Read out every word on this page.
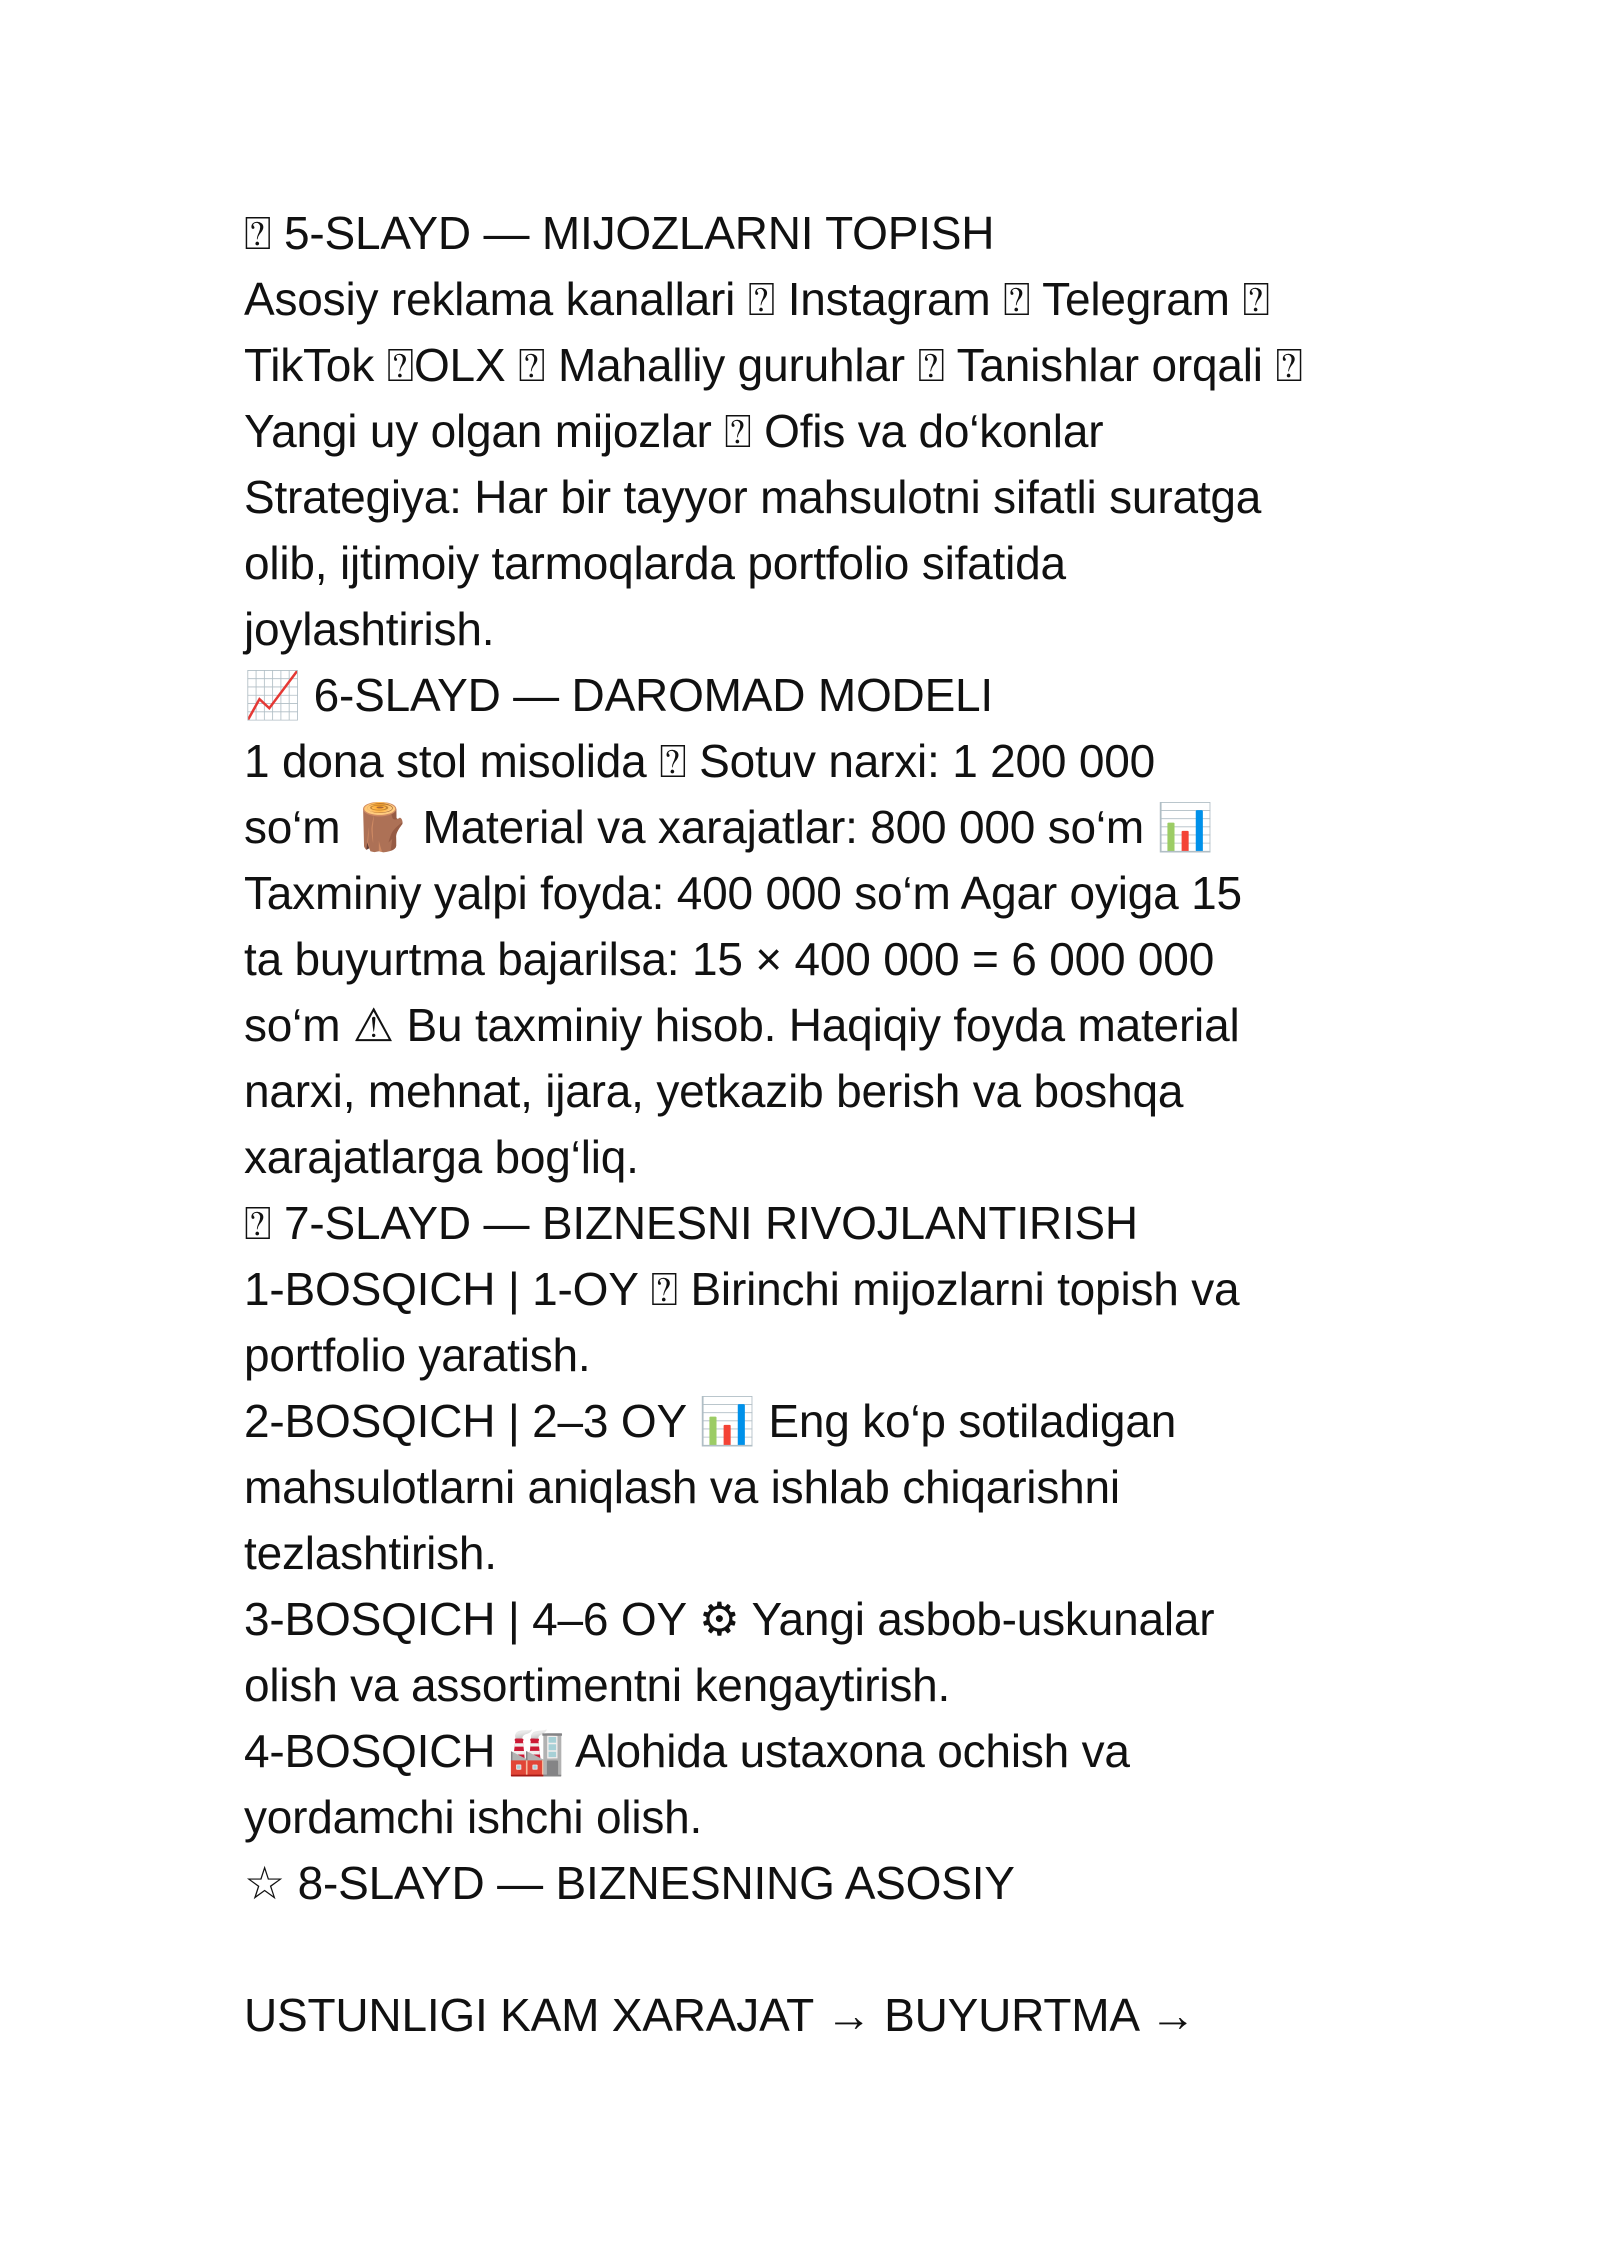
⍰ 5-SLAYD — MIJOZLARNI TOPISH
Asosiy reklama kanallari ⍰ Instagram ⍰ Telegram ⍰
TikTok ⍰OLX ⍰ Mahalliy guruhlar ⍰ Tanishlar orqali ⍰
Yangi uy olgan mijozlar ⍰ Ofis va do‘konlar
Strategiya: Har bir tayyor mahsulotni sifatli suratga
olib, ijtimoiy tarmoqlarda portfolio sifatida
joylashtirish.
📈 6-SLAYD — DAROMAD MODELI
1 dona stol misolida ⍰ Sotuv narxi: 1 200 000
so‘m 🪵 Material va xarajatlar: 800 000 so‘m 📊
Taxminiy yalpi foyda: 400 000 so‘m Agar oyiga 15
ta buyurtma bajarilsa: 15 × 400 000 = 6 000 000
so‘m ⚠ Bu taxminiy hisob. Haqiqiy foyda material
narxi, mehnat, ijara, yetkazib berish va boshqa
xarajatlarga bog‘liq.
⍰ 7-SLAYD — BIZNESNI RIVOJLANTIRISH
1-BOSQICH | 1-OY ⍰ Birinchi mijozlarni topish va
portfolio yaratish.
2-BOSQICH | 2–3 OY 📊 Eng ko‘p sotiladigan
mahsulotlarni aniqlash va ishlab chiqarishni
tezlashtirish.
3-BOSQICH | 4–6 OY ⚙ Yangi asbob-uskunalar
olish va assortimentni kengaytirish.
4-BOSQICH 🏭 Alohida ustaxona ochish va
yordamchi ishchi olish.
☆ 8-SLAYD — BIZNESNING ASOSIY
USTUNLIGI KAM XARAJAT → BUYURTMA →
